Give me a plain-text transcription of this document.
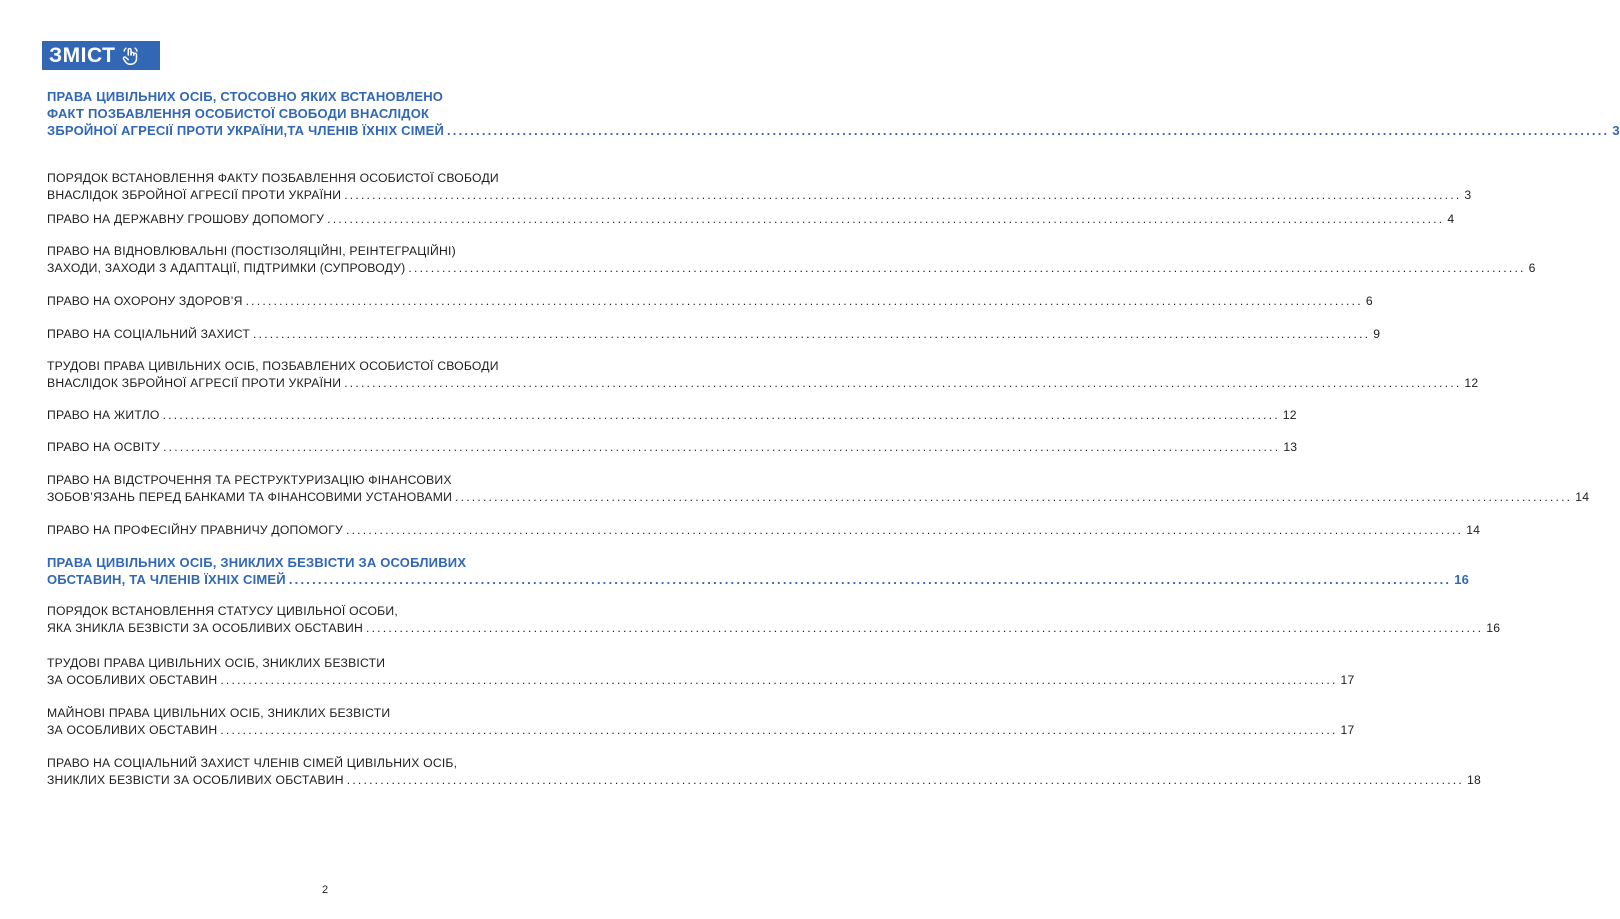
ЗМІСТ
ПРАВА ЦИВІЛЬНИХ ОСІБ, СТОСОВНО ЯКИХ ВСТАНОВЛЕНО
ФАКТ ПОЗБАВЛЕННЯ ОСОБИСТОЇ СВОБОДИ ВНАСЛІДОК
ЗБРОЙНОЇ АГРЕСІЇ ПРОТИ УКРАЇНИ,ТА ЧЛЕНІВ ЇХНІХ СІМЕЙ ........................................................................................................................................................................................................ 3
ПОРЯДОК ВСТАНОВЛЕННЯ ФАКТУ ПОЗБАВЛЕННЯ ОСОБИСТОЇ СВОБОДИ
ВНАСЛІДОК ЗБРОЙНОЇ АГРЕСІЇ ПРОТИ УКРАЇНИ ........................................................................................................................................................................................................ 3
ПРАВО НА ДЕРЖАВНУ ГРОШОВУ ДОПОМОГУ ........................................................................................................................................................................................................ 4
ПРАВО НА ВІДНОВЛЮВАЛЬНІ (ПОСТІЗОЛЯЦІЙНІ, РЕІНТЕГРАЦІЙНІ)
ЗАХОДИ, ЗАХОДИ З АДАПТАЦІЇ, ПІДТРИМКИ (СУПРОВОДУ) ........................................................................................................................................................................................................ 6
ПРАВО НА ОХОРОНУ ЗДОРОВ’Я ........................................................................................................................................................................................................ 6
ПРАВО НА СОЦІАЛЬНИЙ ЗАХИСТ ........................................................................................................................................................................................................ 9
ТРУДОВІ ПРАВА ЦИВІЛЬНИХ ОСІБ, ПОЗБАВЛЕНИХ ОСОБИСТОЇ СВОБОДИ
ВНАСЛІДОК ЗБРОЙНОЇ АГРЕСІЇ ПРОТИ УКРАЇНИ ........................................................................................................................................................................................................ 12
ПРАВО НА ЖИТЛО ........................................................................................................................................................................................................ 12
ПРАВО НА ОСВІТУ ........................................................................................................................................................................................................ 13
ПРАВО НА ВІДСТРОЧЕННЯ ТА РЕСТРУКТУРИЗАЦІЮ ФІНАНСОВИХ
ЗОБОВ’ЯЗАНЬ ПЕРЕД БАНКАМИ ТА ФІНАНСОВИМИ УСТАНОВАМИ ........................................................................................................................................................................................................ 14
ПРАВО НА ПРОФЕСІЙНУ ПРАВНИЧУ ДОПОМОГУ ........................................................................................................................................................................................................ 14
ПРАВА ЦИВІЛЬНИХ ОСІБ, ЗНИКЛИХ БЕЗВІСТИ ЗА ОСОБЛИВИХ
ОБСТАВИН, ТА ЧЛЕНІВ ЇХНІХ СІМЕЙ ........................................................................................................................................................................................................ 16
ПОРЯДОК ВСТАНОВЛЕННЯ СТАТУСУ ЦИВІЛЬНОЇ ОСОБИ,
ЯКА ЗНИКЛА БЕЗВІСТИ ЗА ОСОБЛИВИХ ОБСТАВИН ........................................................................................................................................................................................................ 16
ТРУДОВІ ПРАВА ЦИВІЛЬНИХ ОСІБ, ЗНИКЛИХ БЕЗВІСТИ
ЗА ОСОБЛИВИХ ОБСТАВИН ........................................................................................................................................................................................................ 17
МАЙНОВІ ПРАВА ЦИВІЛЬНИХ ОСІБ, ЗНИКЛИХ БЕЗВІСТИ
ЗА ОСОБЛИВИХ ОБСТАВИН ........................................................................................................................................................................................................ 17
ПРАВО НА СОЦІАЛЬНИЙ ЗАХИСТ ЧЛЕНІВ СІМЕЙ ЦИВІЛЬНИХ ОСІБ,
ЗНИКЛИХ БЕЗВІСТИ ЗА ОСОБЛИВИХ ОБСТАВИН ........................................................................................................................................................................................................ 18
2
